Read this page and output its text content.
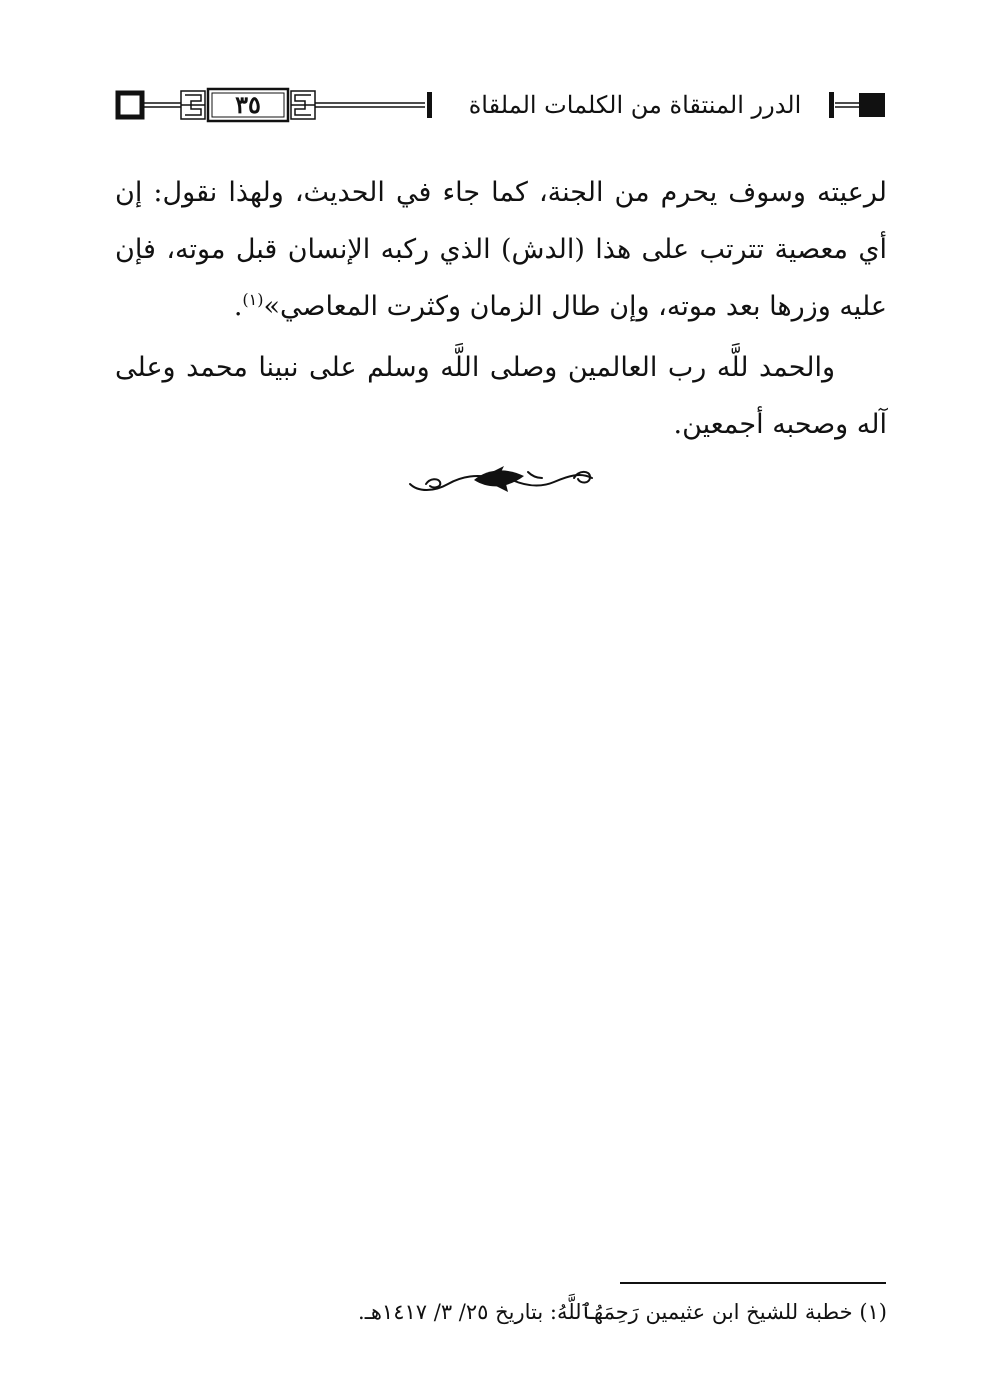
٣٥	الدرر المنتقاة من الكلمات الملقاة

لرعيته وسوف يحرم من الجنة، كما جاء في الحديث، ولهذا نقول: إن أي معصية تترتب على هذا (الدش) الذي ركبه الإنسان قبل موته، فإن عليه وزرها بعد موته، وإن طال الزمان وكثرت المعاصي»$^{(١)}$.

والحمد للَّه رب العالمين وصلى اللَّه وسلم على نبينا محمد وعلى آله وصحبه أجمعين.

(١) خطبة للشيخ ابن عثيمين رَحِمَهُٱللَّهُ: بتاريخ ٢٥/ ٣/ ١٤١٧هـ.
